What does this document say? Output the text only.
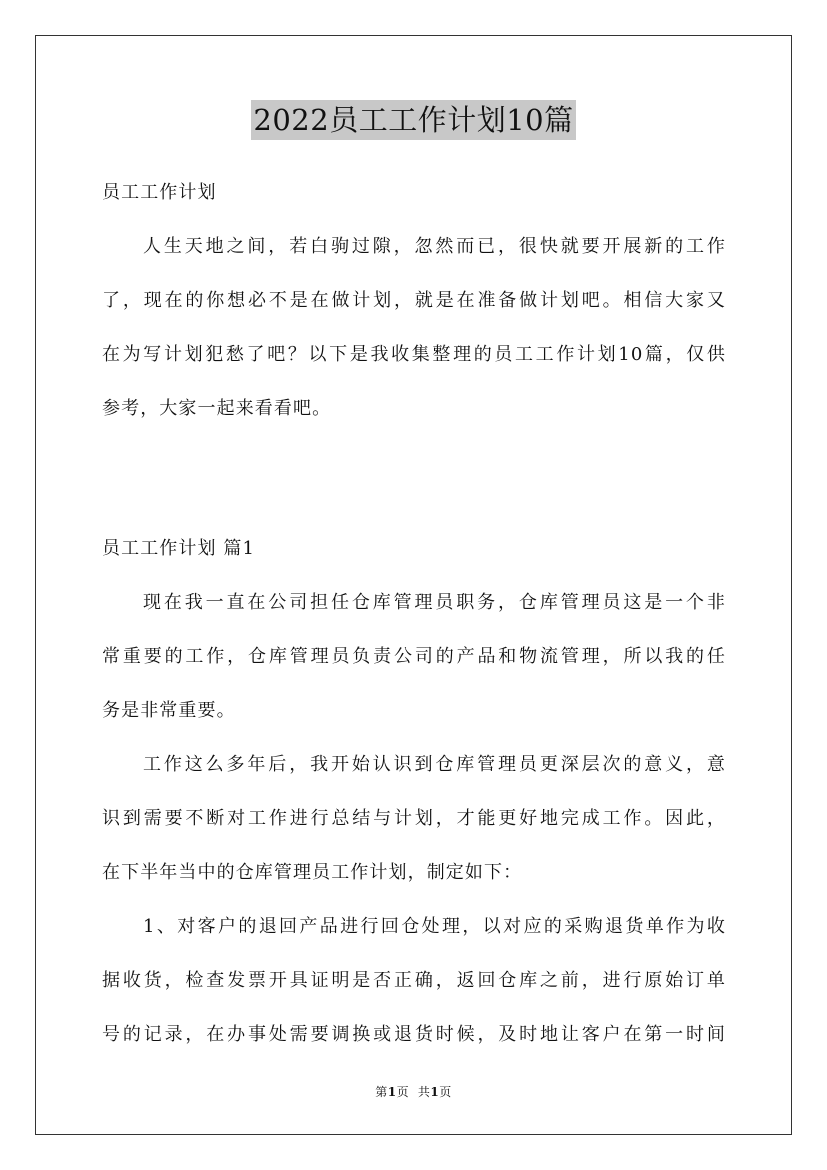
2022员工工作计划10篇
员工工作计划
人生天地之间，若白驹过隙，忽然而已，很快就要开展新的工作
了，现在的你想必不是在做计划，就是在准备做计划吧。相信大家又
在为写计划犯愁了吧？以下是我收集整理的员工工作计划10篇，仅供
参考，大家一起来看看吧。
员工工作计划 篇1
现在我一直在公司担任仓库管理员职务，仓库管理员这是一个非
常重要的工作，仓库管理员负责公司的产品和物流管理，所以我的任
务是非常重要。
工作这么多年后，我开始认识到仓库管理员更深层次的意义，意
识到需要不断对工作进行总结与计划，才能更好地完成工作。因此，
在下半年当中的仓库管理员工作计划，制定如下：
1、对客户的退回产品进行回仓处理，以对应的采购退货单作为收
据收货，检查发票开具证明是否正确，返回仓库之前，进行原始订单
号的记录，在办事处需要调换或退货时候，及时地让客户在第一时间
第1页 共1页
